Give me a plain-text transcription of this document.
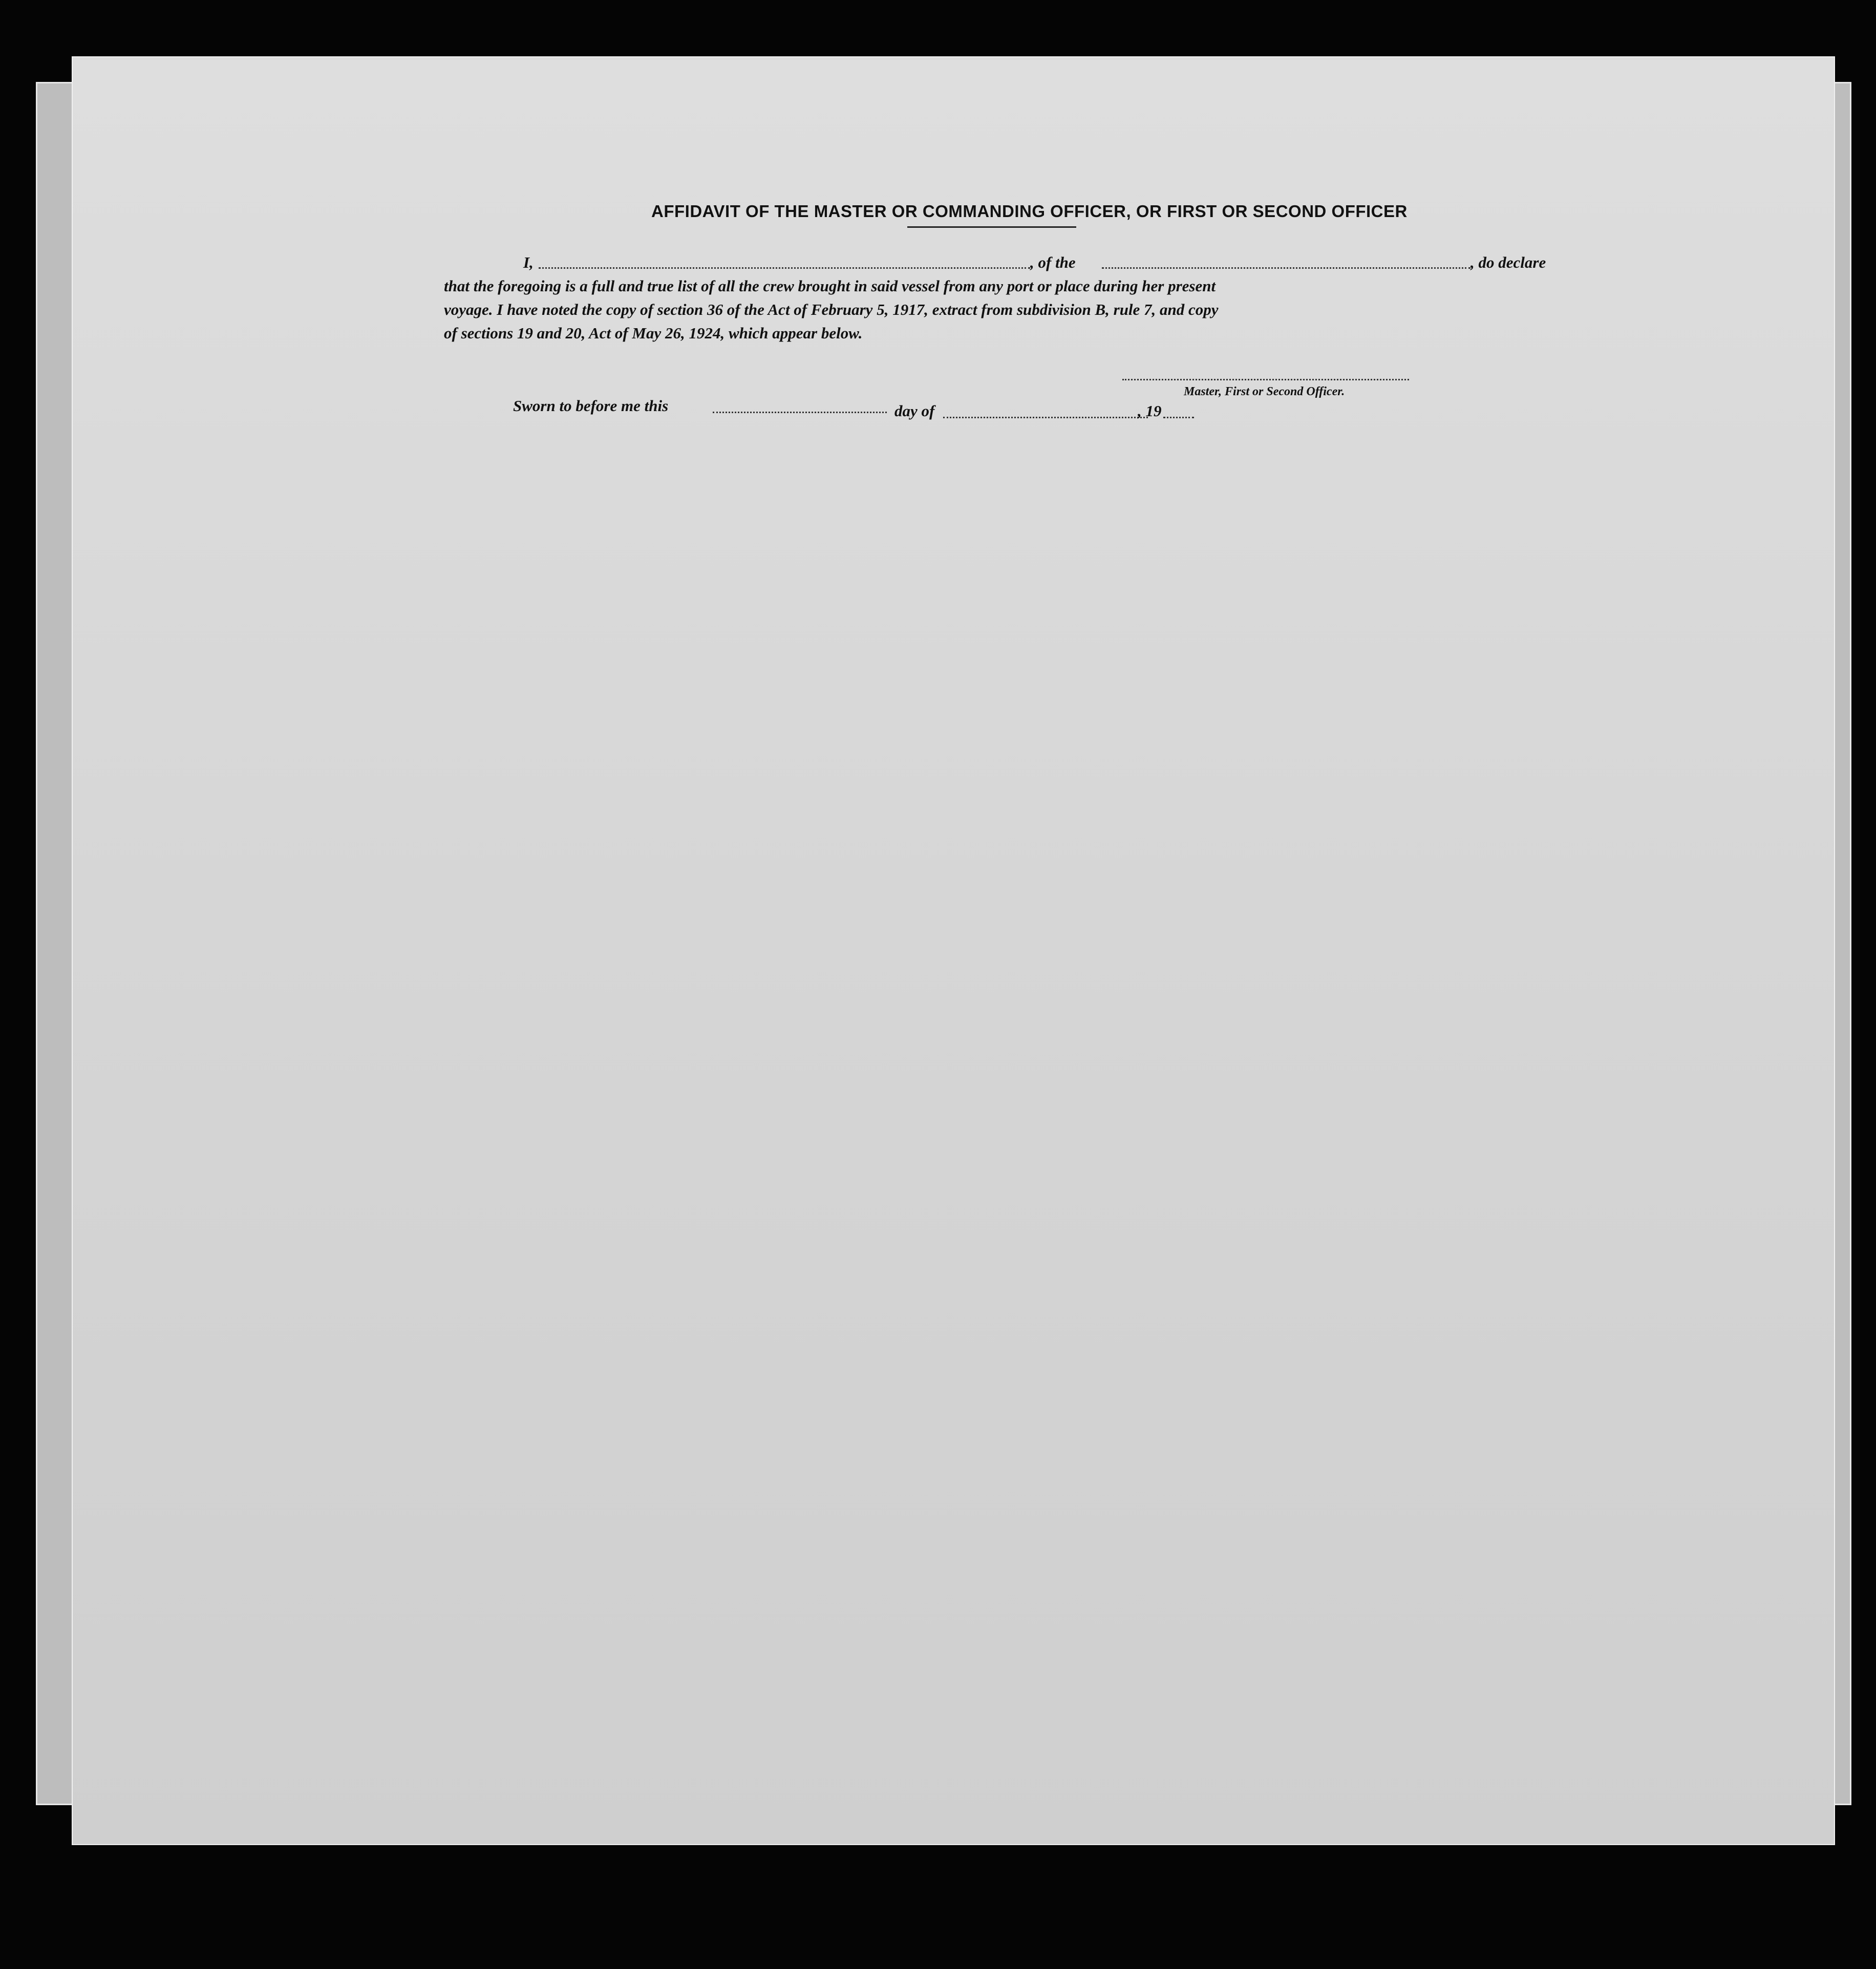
AFFIDAVIT OF THE MASTER OR COMMANDING OFFICER, OR FIRST OR SECOND OFFICER
I,	, of the	, do declare
that the foregoing is a full and true list of all the crew brought in said vessel from any port or place during her present
voyage. I have noted the copy of section 36 of the Act of February 5, 1917, extract from subdivision B, rule 7, and copy
of sections 19 and 20, Act of May 26, 1924, which appear below.
Master, First or Second Officer.
Sworn to before me this	day of	, 19
